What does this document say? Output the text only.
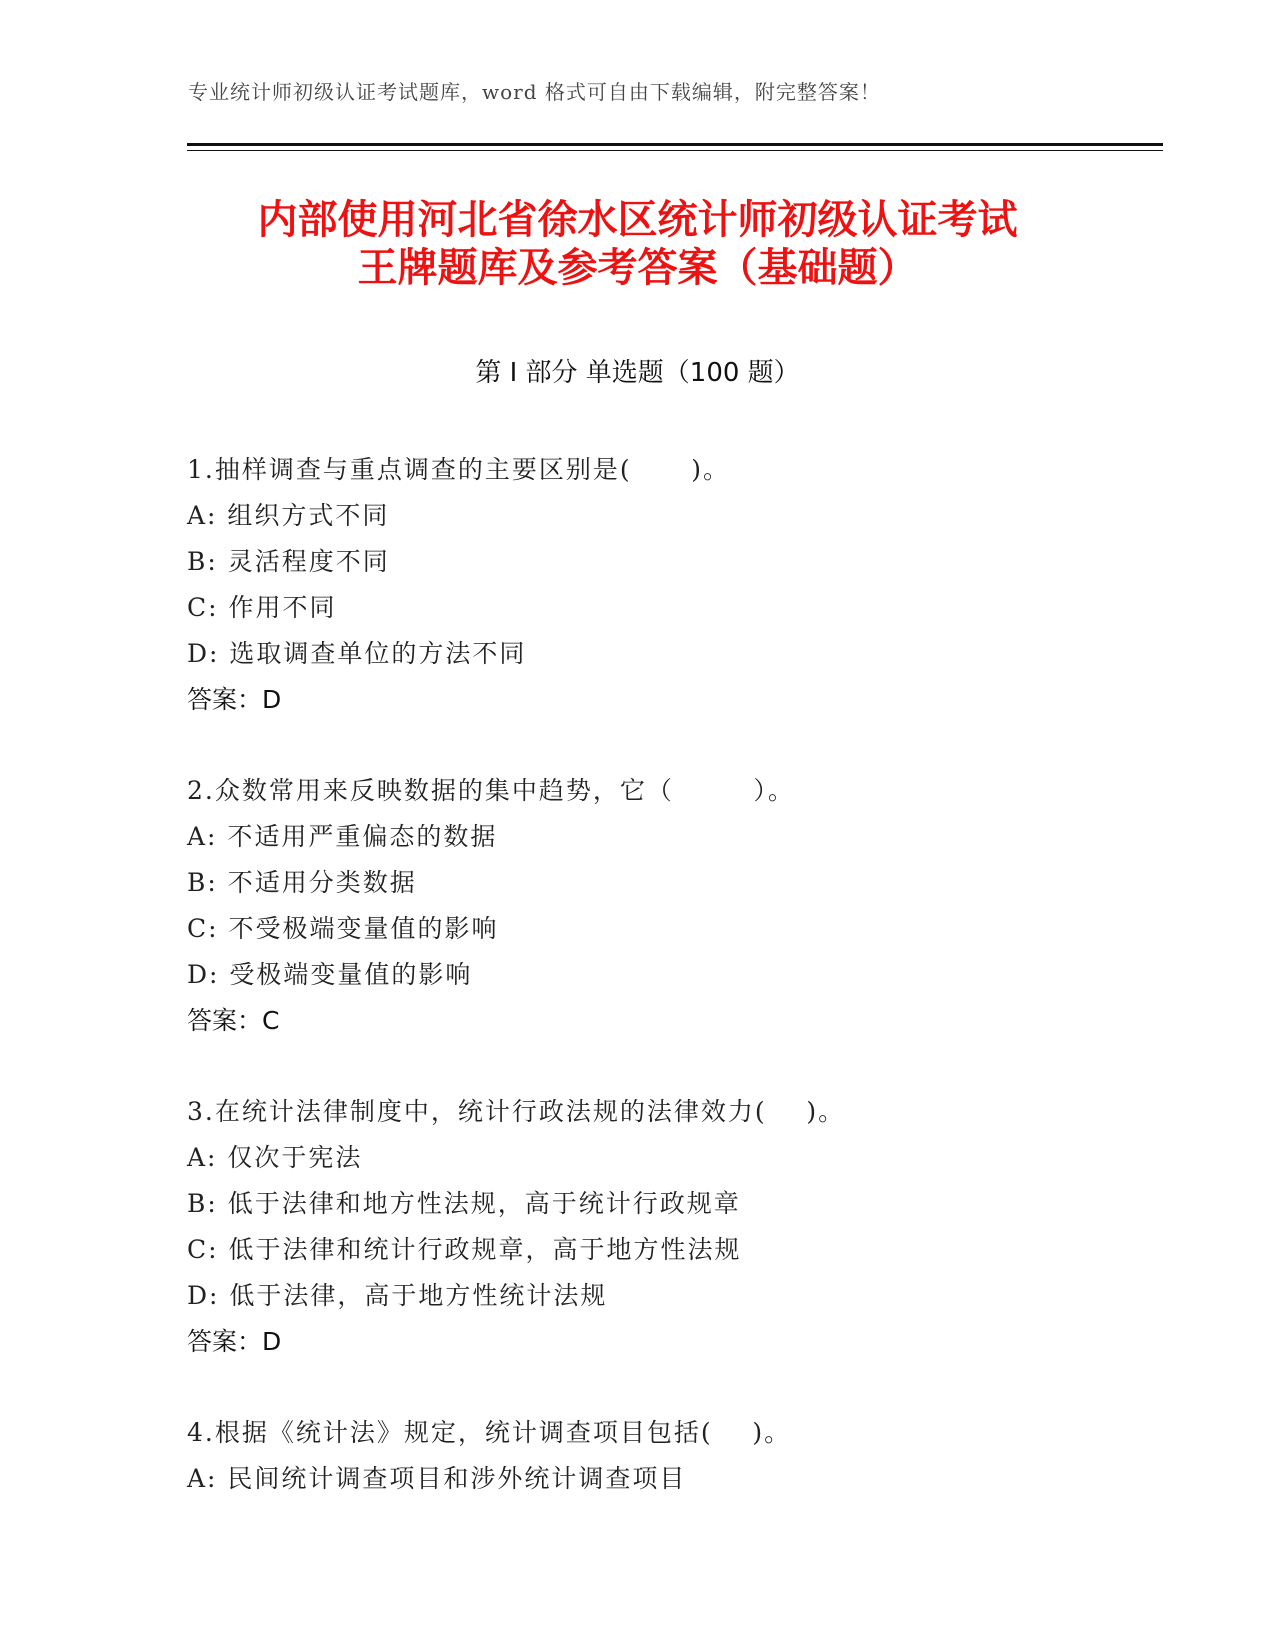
专业统计师初级认证考试题库，word 格式可自由下载编辑，附完整答案！
内部使用河北省徐水区统计师初级认证考试
王牌题库及参考答案（基础题）
第 I 部分 单选题（100 题）
1.抽样调查与重点调查的主要区别是(      )。
A: 组织方式不同
B: 灵活程度不同
C: 作用不同
D: 选取调查单位的方法不同
答案：D
2.众数常用来反映数据的集中趋势，它（        ）。
A: 不适用严重偏态的数据
B: 不适用分类数据
C: 不受极端变量值的影响
D: 受极端变量值的影响
答案：C
3.在统计法律制度中，统计行政法规的法律效力(    )。
A: 仅次于宪法
B: 低于法律和地方性法规，高于统计行政规章
C: 低于法律和统计行政规章，高于地方性法规
D: 低于法律，高于地方性统计法规
答案：D
4.根据《统计法》规定，统计调查项目包括(    )。
A: 民间统计调查项目和涉外统计调查项目
